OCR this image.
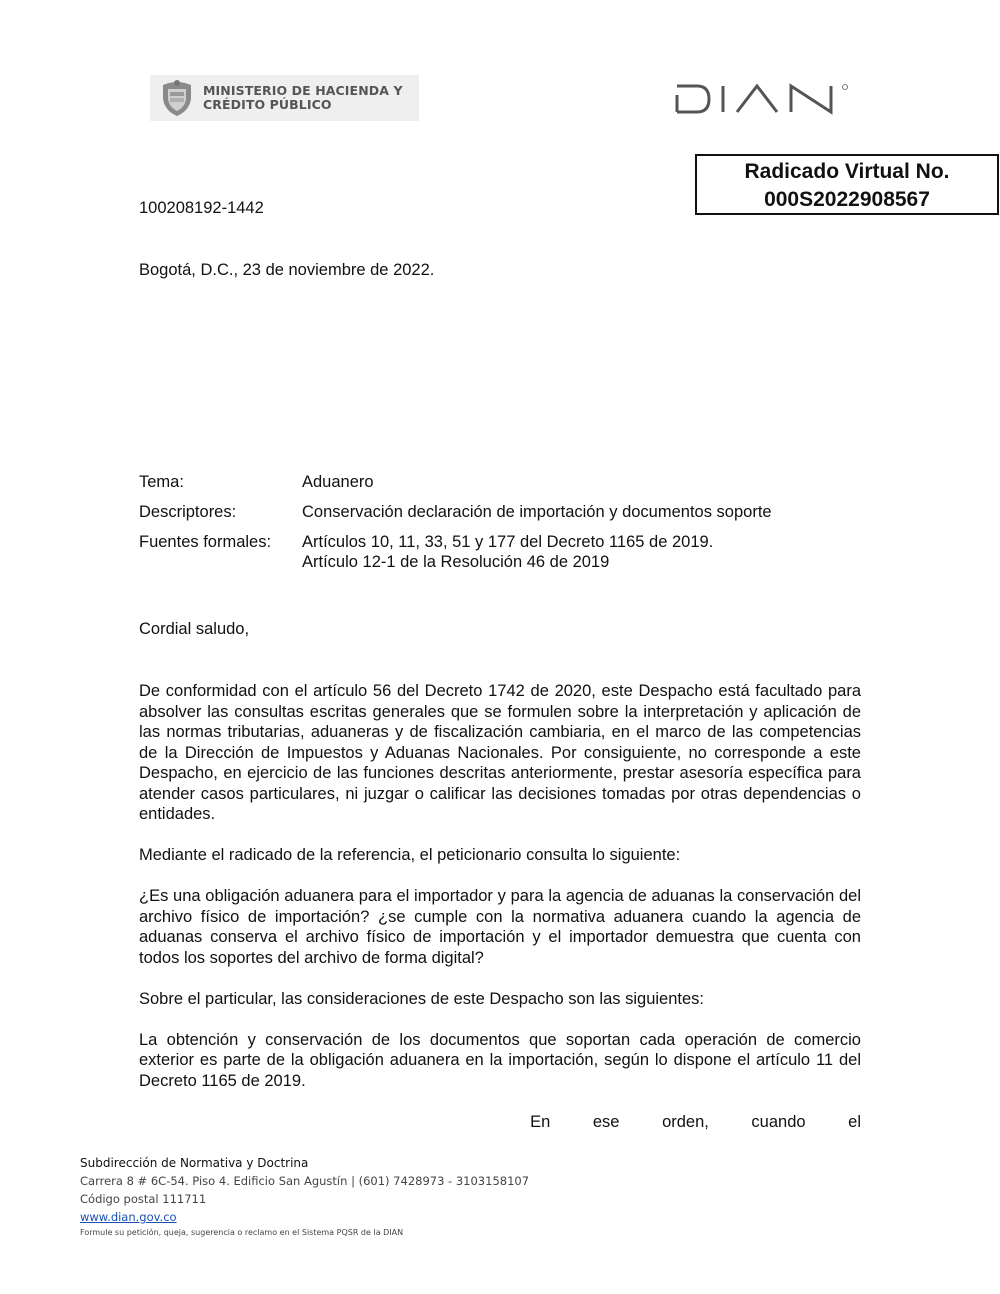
MINISTERIO DE HACIENDA Y
CRÉDITO PÚBLICO
Radicado Virtual No.
000S2022908567
100208192-1442
Bogotá, D.C., 23 de noviembre de 2022.
Tema:	Aduanero
Descriptores:	Conservación declaración de importación y documentos soporte
Fuentes formales:	Artículos 10, 11, 33, 51 y 177 del Decreto 1165 de 2019.
Artículo 12-1 de la Resolución 46 de 2019
Cordial saludo,

De conformidad con el artículo 56 del Decreto 1742 de 2020, este Despacho está facultado para absolver las consultas escritas generales que se formulen sobre la interpretación y aplicación de las normas tributarias, aduaneras y de fiscalización cambiaria, en el marco de las competencias de la Dirección de Impuestos y Aduanas Nacionales. Por consiguiente, no corresponde a este Despacho, en ejercicio de las funciones descritas anteriormente, prestar asesoría específica para atender casos particulares, ni juzgar o calificar las decisiones tomadas por otras dependencias o entidades.

Mediante el radicado de la referencia, el peticionario consulta lo siguiente:

¿Es una obligación aduanera para el importador y para la agencia de aduanas la conservación del archivo físico de importación? ¿se cumple con la normativa aduanera cuando la agencia de aduanas conserva el archivo físico de importación y el importador demuestra que cuenta con todos los soportes del archivo de forma digital?

Sobre el particular, las consideraciones de este Despacho son las siguientes:

La obtención y conservación de los documentos que soportan cada operación de comercio exterior es parte de la obligación aduanera en la importación, según lo dispone el artículo 11 del Decreto 1165 de 2019.

En ese orden, cuando el

Subdirección de Normativa y Doctrina
Carrera 8 # 6C-54. Piso 4. Edificio San Agustín | (601) 7428973 - 3103158107
Código postal 111711
www.dian.gov.co
Formule su petición, queja, sugerencia o reclamo en el Sistema PQSR de la DIAN
